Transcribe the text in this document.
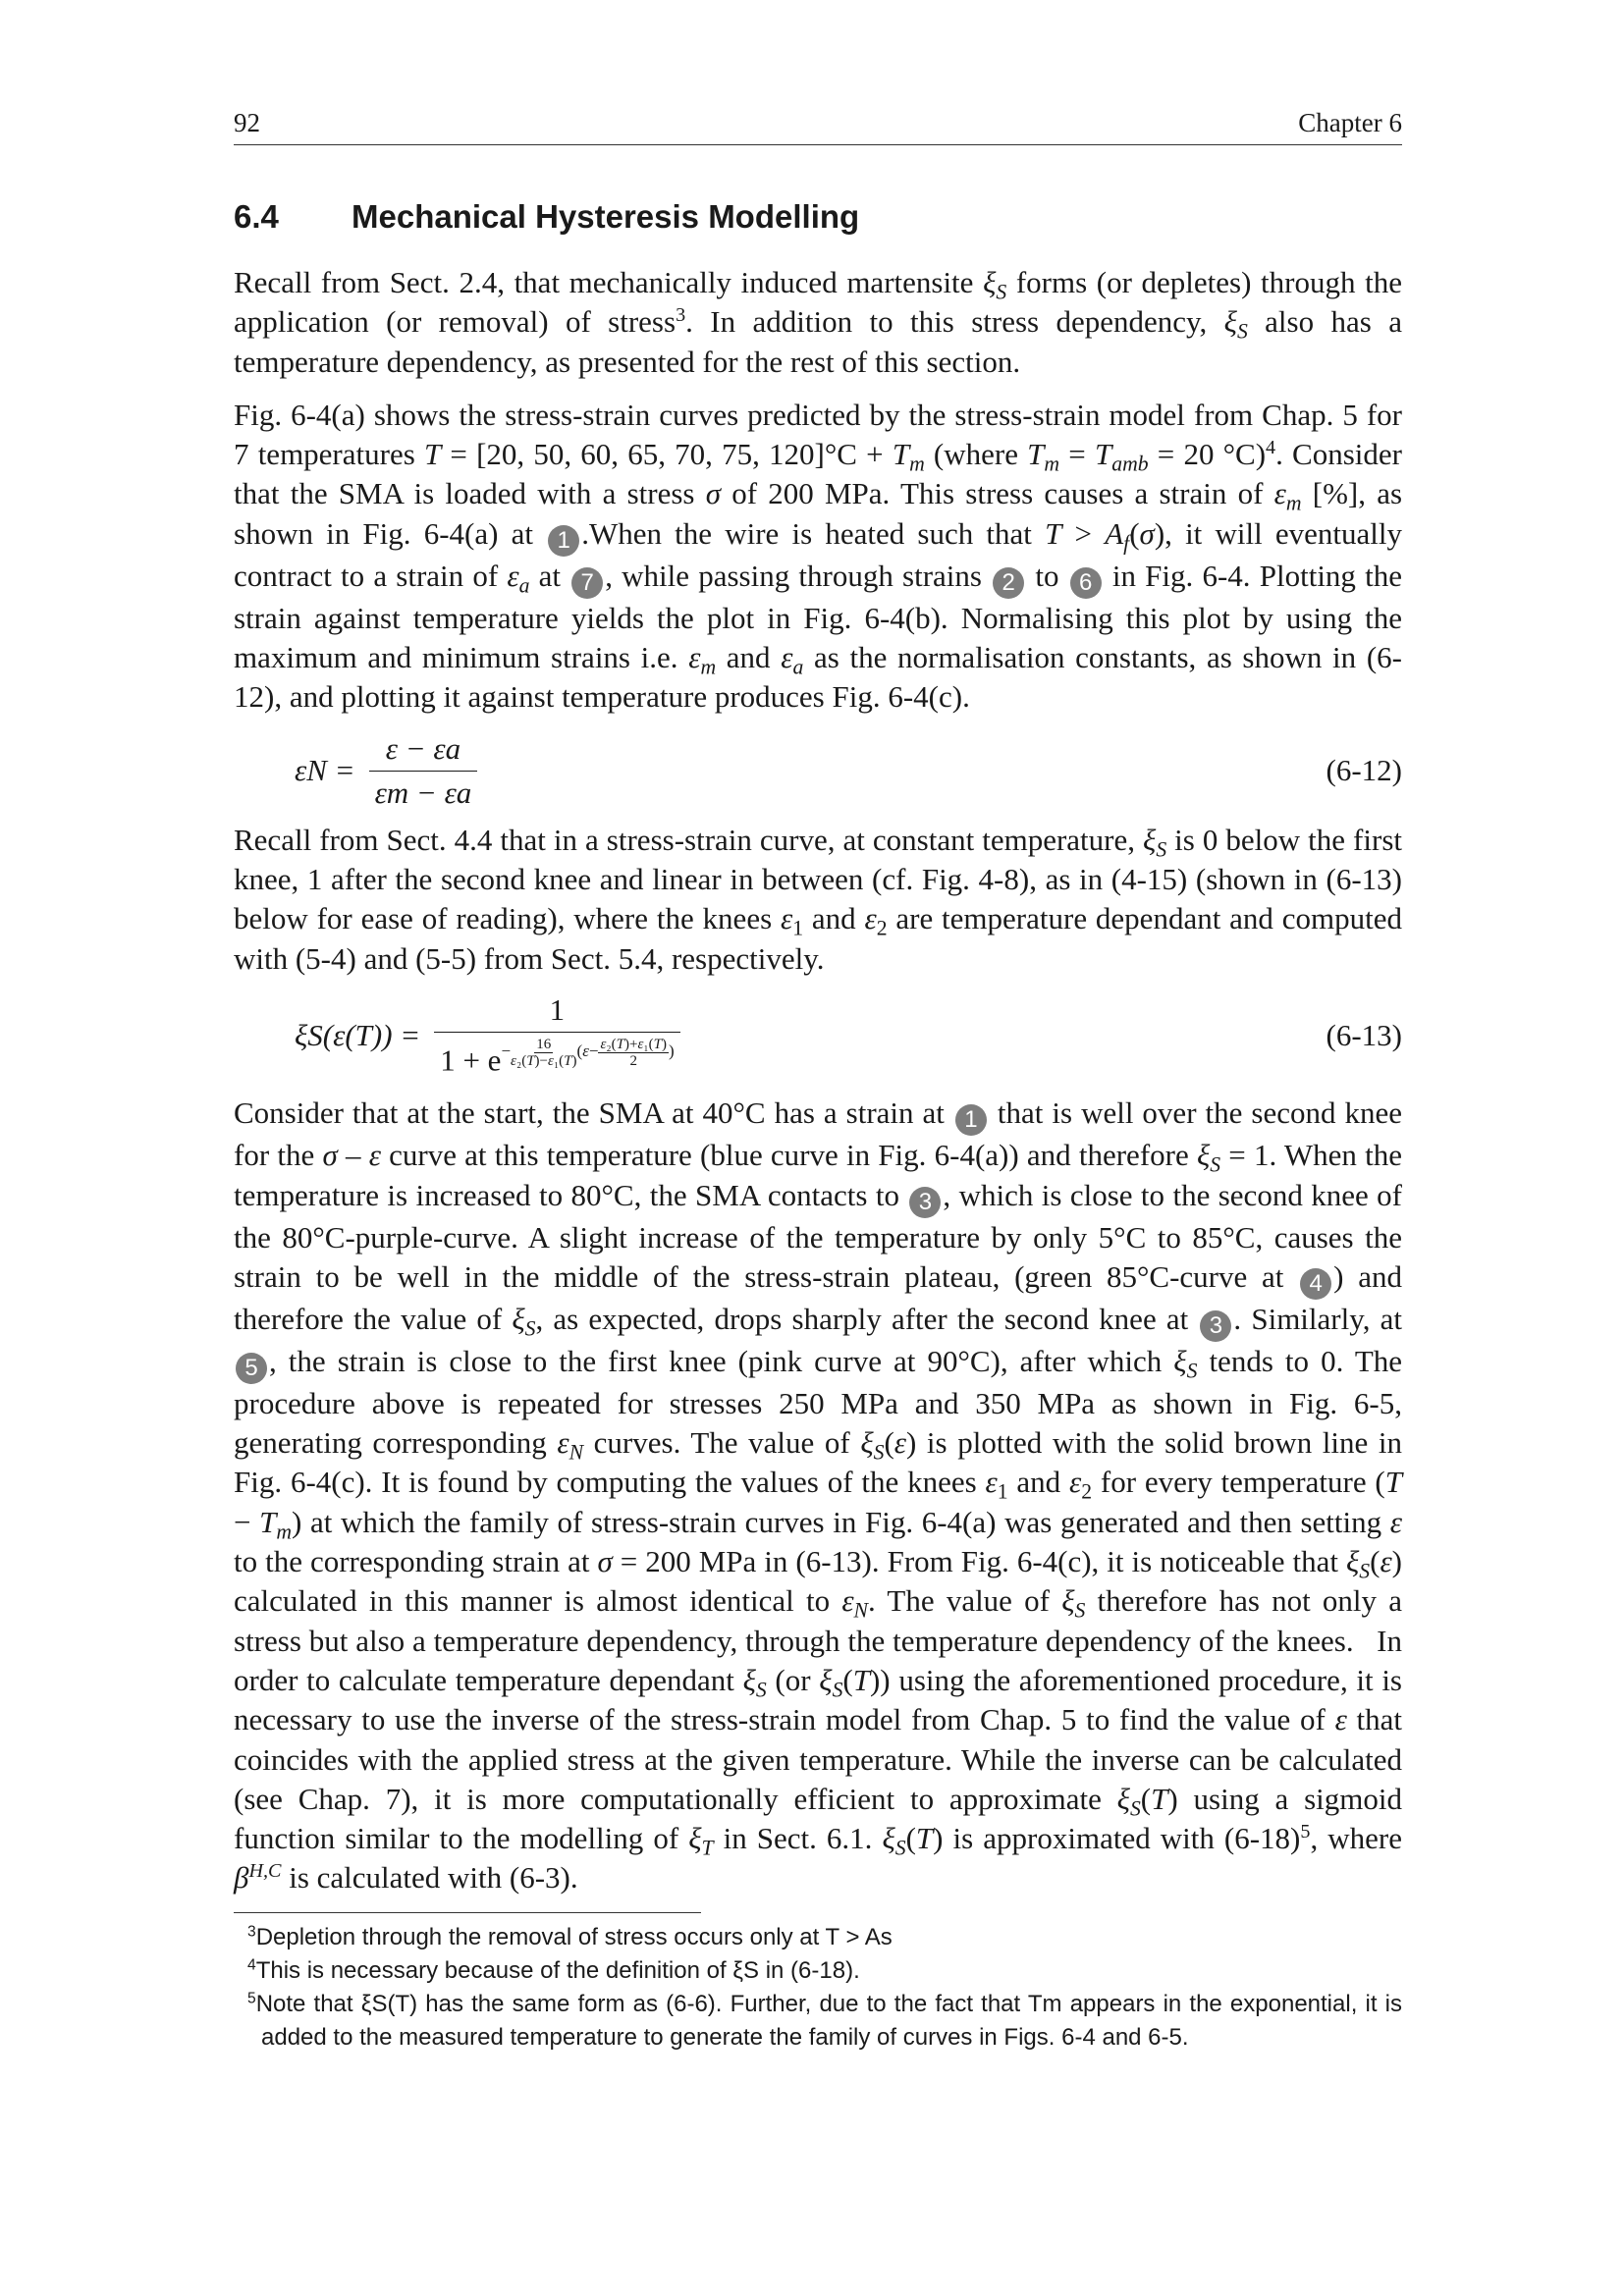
92	Chapter 6
6.4 Mechanical Hysteresis Modelling

Recall from Sect. 2.4, that mechanically induced martensite $\xi_S$ forms (or depletes) through the application (or removal) of stress$^3$. In addition to this stress dependency, $\xi_S$ also has a temperature dependency, as presented for the rest of this section.

Fig. 6-4(a) shows the stress-strain curves predicted by the stress-strain model from Chap. 5 for 7 temperatures T = [20, 50, 60, 65, 70, 75, $120]^\circ C + T_m$ (where $T_m = T_{amb} = 20$ °C)$^4$. Consider that the SMA is loaded with a stress σ of 200 MPa. This stress causes a strain of $\varepsilon_m$ [%], as shown in Fig. 6-4(a) at 1 .When the wire is heated such that $T > A_f(\sigma)$, it will eventually contract to a strain of $\varepsilon_a$ at 7 , while passing through strains 2 to 6 in Fig. 6-4. Plotting the strain against temperature yields the plot in Fig. 6-4(b). Normalising this plot by using the maximum and minimum strains i.e. $\varepsilon_m$ and $\varepsilon_a$ as the normalisation constants, as shown in (6-12), and plotting it against temperature produces Fig. 6-4(c).

$\varepsilon N = \frac{\varepsilon - \varepsilon a}{\varepsilon m - \varepsilon a}$	(6-12)

Recall from Sect. 4.4 that in a stress-strain curve, at constant temperature, $\xi_S$ is 0 below the first knee, 1 after the second knee and linear in between (cf. Fig. 4-8), as in (4-15) (shown in (6-13) below for ease of reading), where the knees $\varepsilon_1$ and $\varepsilon_2$ are temperature dependant and computed with (5-4) and (5-5) from Sect. 5.4, respectively.

ξS(ε(T)) = 1
$1 + e^{- \frac{16}{\text{ε₂(T)−ε₁(T)}} (\varepsilon- \frac{\text{ε₂(T)+ε₁(T)}}{2} )}$	(6-13)

Consider that at the start, the SMA at 40°C has a strain at 1 that is well over the second knee for the σ – ε curve at this temperature (blue curve in Fig. 6-4(a)) and therefore $\xi_S = 1$. When the temperature is increased to 80°C, the SMA contacts to 3 , which is close to the second knee of the 80°C-purple-curve. A slight increase of the temperature by only 5°C to 85°C, causes the strain to be well in the middle of the stress-strain plateau, (green 85°C-curve at 4 ) and therefore the value of $\xi_S$, as expected, drops sharply after the second knee at 3 . Similarly, at 5 , the strain is close to the first knee (pink curve at 90°C), after which $\xi_S$ tends to 0. The procedure above is repeated for stresses 250 MPa and 350 MPa as shown in Fig. 6-5, generating corresponding $\varepsilon_N$ curves. The value of $\xi_S(\varepsilon)$ is plotted with the solid brown line in Fig. 6-4(c). It is found by computing the values of the knees $\varepsilon_1$ and $\varepsilon_2$ for every temperature $(T - T_m)$ at which the family of stress-strain curves in Fig. 6-4(a) was generated and then setting ε to the corresponding strain at σ = 200 MPa in (6-13). From Fig. 6-4(c), it is noticeable that $\xi_S(\varepsilon)$ calculated in this manner is almost identical to $\varepsilon_N$. The value of $\xi_S$ therefore has not only a stress but also a temperature dependency, through the temperature dependency of the knees.   In order to calculate temperature dependant $\xi_S$ (or $\xi_S(T)$) using the aforementioned procedure, it is necessary to use the inverse of the stress-strain model from Chap. 5 to find the value of ε that coincides with the applied stress at the given temperature. While the inverse can be calculated (see Chap. 7), it is more computationally efficient to approximate $\xi_S(T)$ using a sigmoid function similar to the modelling of $\xi_T$ in Sect. 6.1. $\xi_S(T)$ is approximated with $(6-18)^5$, where $\beta^{H,C}$ is calculated with (6-3).

$^3$Depletion through the removal of stress occurs only at T > As

$^4$This is necessary because of the definition of ξS in (6-18).

$^5$Note that ξS(T) has the same form as (6-6). Further, due to the fact that Tm appears in the exponential, it is added to the measured temperature to generate the family of curves in Figs. 6-4 and 6-5.
